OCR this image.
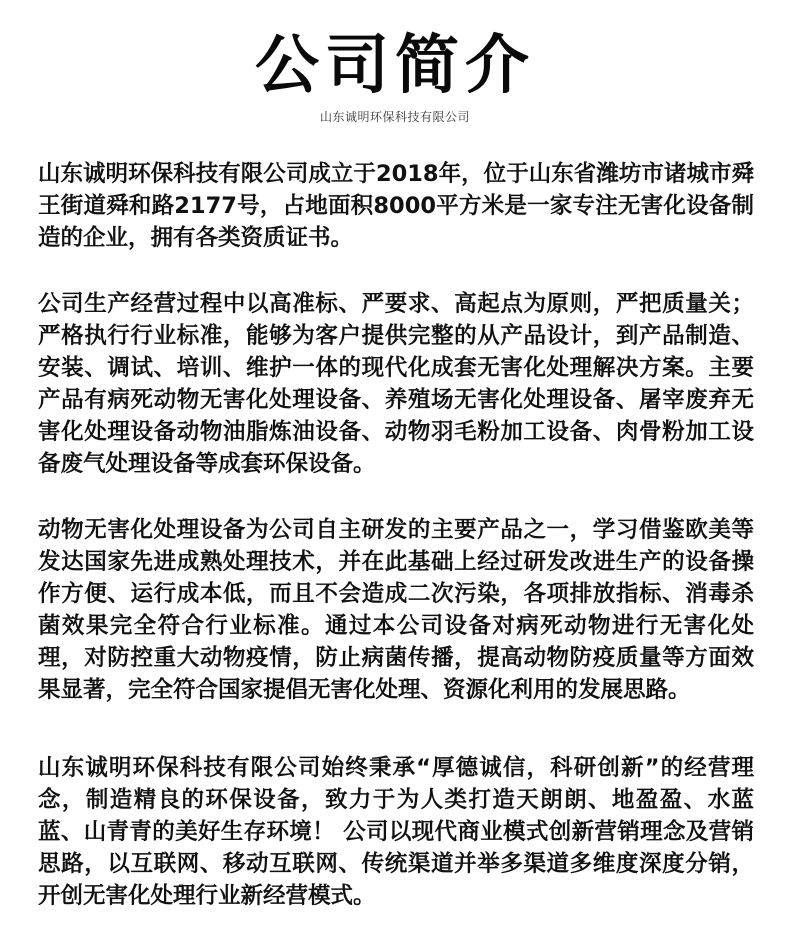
公司简介
山东诚明环保科技有限公司

山东诚明环保科技有限公司成立于2018年，位于山东省潍坊市诸城市舜王街道舜和路2177号，占地面积8000平方米是一家专注无害化设备制造的企业，拥有各类资质证书。

公司生产经营过程中以高准标、严要求、高起点为原则，严把质量关；严格执行行业标准，能够为客户提供完整的从产品设计，到产品制造、安装、调试、培训、维护一体的现代化成套无害化处理解决方案。主要产品有病死动物无害化处理设备、养殖场无害化处理设备、屠宰废弃无害化处理设备动物油脂炼油设备、动物羽毛粉加工设备、肉骨粉加工设备废气处理设备等成套环保设备。

动物无害化处理设备为公司自主研发的主要产品之一，学习借鉴欧美等发达国家先进成熟处理技术，并在此基础上经过研发改进生产的设备操作方便、运行成本低，而且不会造成二次污染，各项排放指标、消毒杀菌效果完全符合行业标准。通过本公司设备对病死动物进行无害化处理，对防控重大动物疫情，防止病菌传播，提高动物防疫质量等方面效果显著，完全符合国家提倡无害化处理、资源化利用的发展思路。

山东诚明环保科技有限公司始终秉承“厚德诚信，科研创新”的经营理念，制造精良的环保设备，致力于为人类打造天朗朗、地盈盈、水蓝蓝、山青青的美好生存环境！ 公司以现代商业模式创新营销理念及营销思路，以互联网、移动互联网、传统渠道并举多渠道多维度深度分销，开创无害化处理行业新经营模式。
